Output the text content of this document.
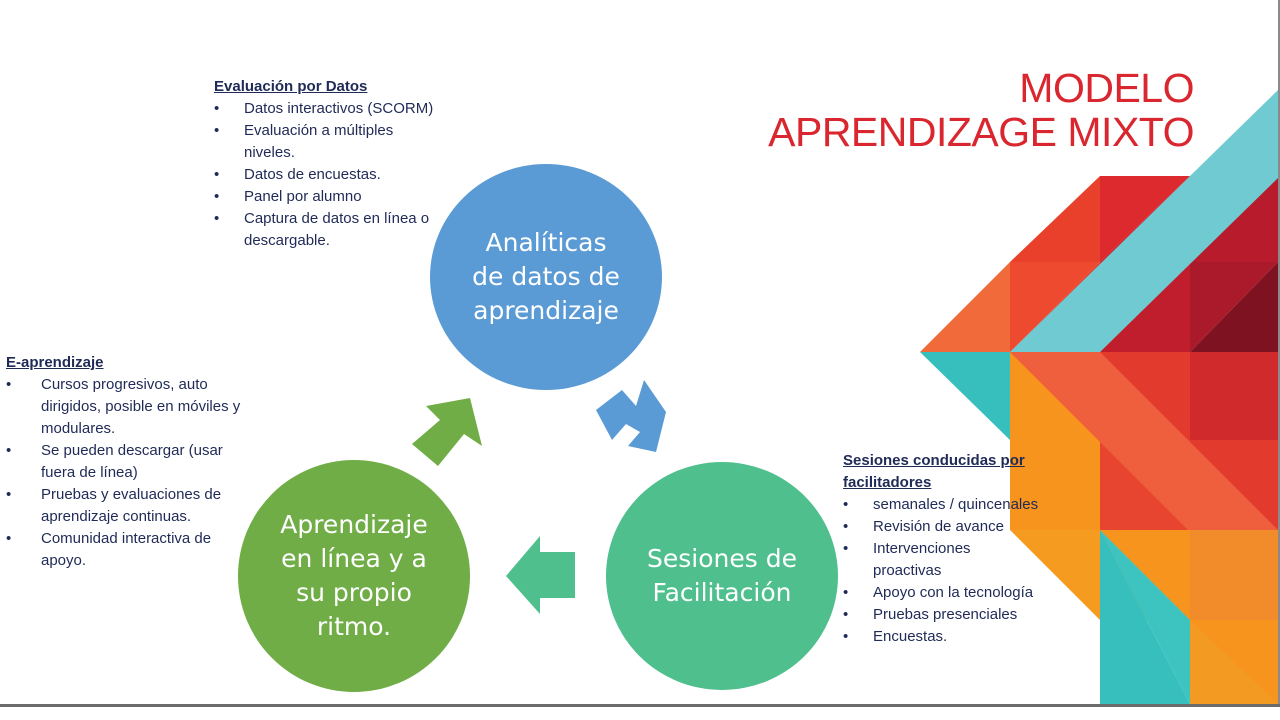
MODELO
APRENDIZAGE MIXTO
Analíticas
de datos de
aprendizaje
Sesiones de
Facilitación
Aprendizaje
en línea y a
su propio
ritmo.
Evaluación por Datos
• Datos interactivos (SCORM)
• Evaluación a múltiples niveles.
• Datos de encuestas.
• Panel por alumno
• Captura de datos en línea o descargable.
E-aprendizaje
• Cursos progresivos, auto dirigidos, posible en móviles y modulares.
• Se pueden descargar (usar fuera de línea)
• Pruebas y evaluaciones de aprendizaje continuas.
• Comunidad interactiva de apoyo.
Sesiones conducidas por facilitadores
• semanales / quincenales
• Revisión de avance
• Intervenciones proactivas
• Apoyo con la tecnología
• Pruebas presenciales
• Encuestas.
